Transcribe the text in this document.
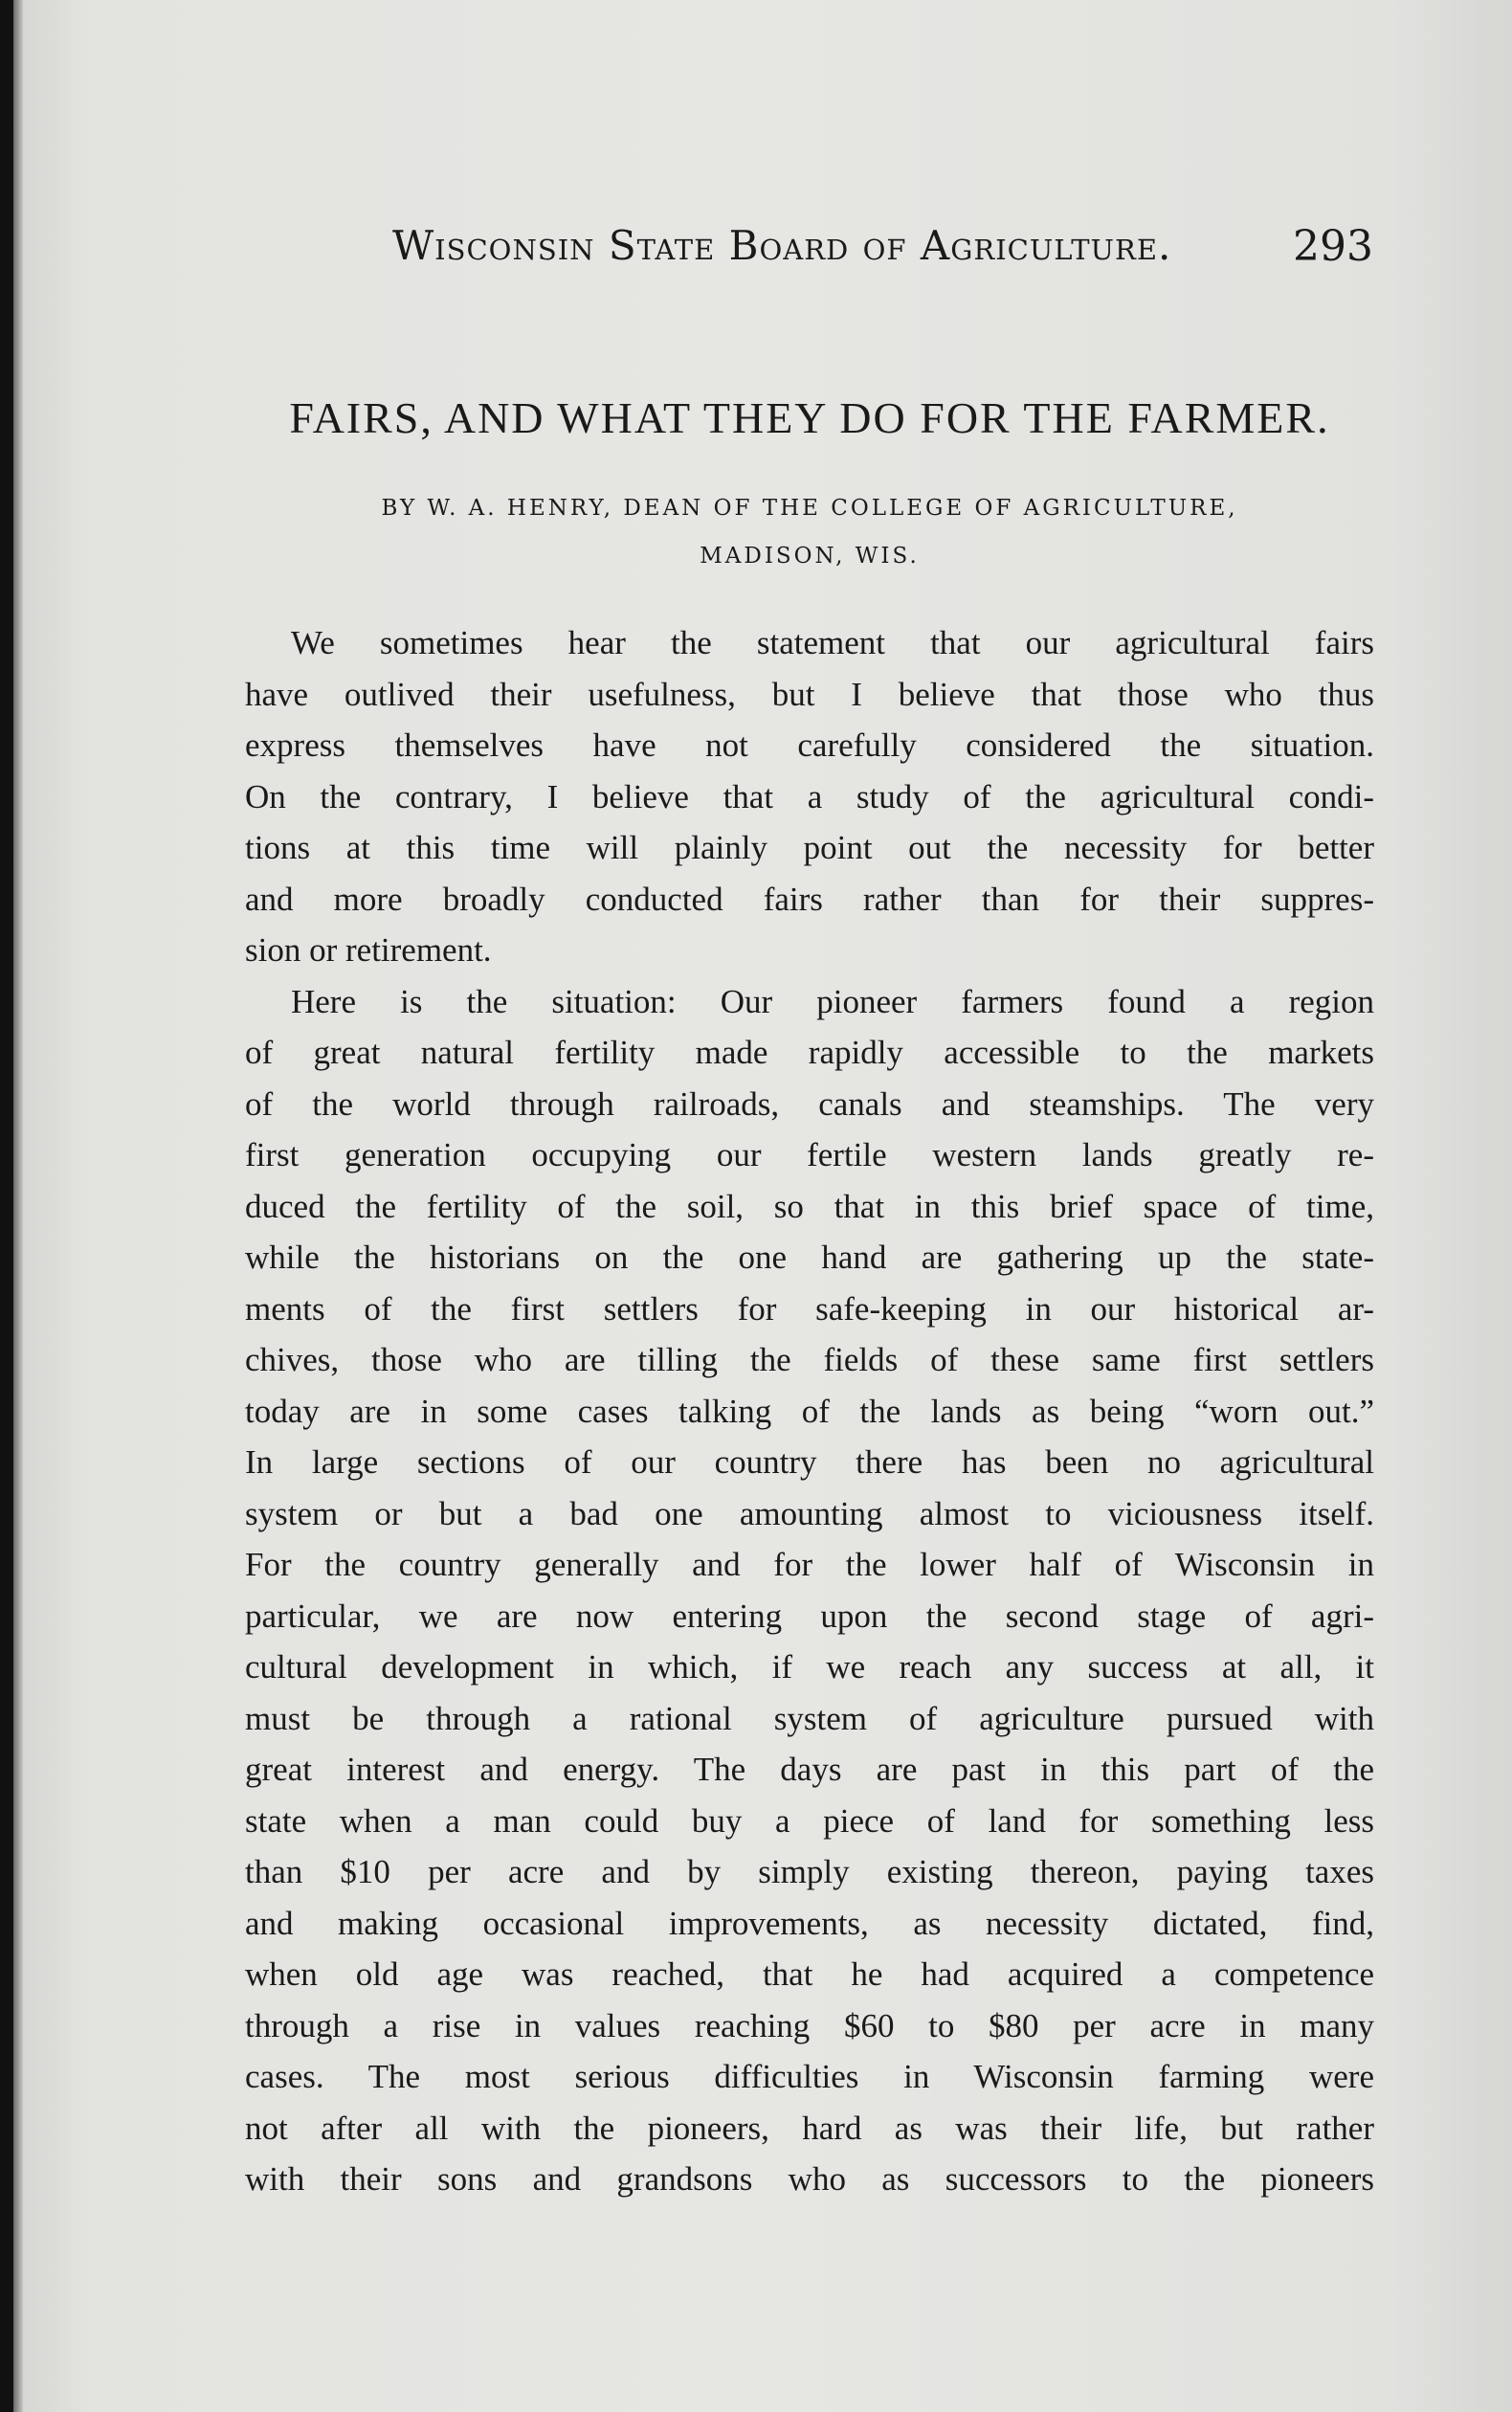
Wisconsin State Board of Agriculture.	293
FAIRS, AND WHAT THEY DO FOR THE FARMER.
BY W. A. HENRY, DEAN OF THE COLLEGE OF AGRICULTURE,
MADISON, WIS.
We sometimes hear the statement that our agricultural fairs
have outlived their usefulness, but I believe that those who thus
express themselves have not carefully considered the situation.
On the contrary, I believe that a study of the agricultural condi-
tions at this time will plainly point out the necessity for better
and more broadly conducted fairs rather than for their suppres-
sion or retirement.
Here is the situation: Our pioneer farmers found a region
of great natural fertility made rapidly accessible to the markets
of the world through railroads, canals and steamships. The very
first generation occupying our fertile western lands greatly re-
duced the fertility of the soil, so that in this brief space of time,
while the historians on the one hand are gathering up the state-
ments of the first settlers for safe-keeping in our historical ar-
chives, those who are tilling the fields of these same first settlers
today are in some cases talking of the lands as being “worn out.”
In large sections of our country there has been no agricultural
system or but a bad one amounting almost to viciousness itself.
For the country generally and for the lower half of Wisconsin in
particular, we are now entering upon the second stage of agri-
cultural development in which, if we reach any success at all, it
must be through a rational system of agriculture pursued with
great interest and energy. The days are past in this part of the
state when a man could buy a piece of land for something less
than $10 per acre and by simply existing thereon, paying taxes
and making occasional improvements, as necessity dictated, find,
when old age was reached, that he had acquired a competence
through a rise in values reaching $60 to $80 per acre in many
cases. The most serious difficulties in Wisconsin farming were
not after all with the pioneers, hard as was their life, but rather
with their sons and grandsons who as successors to the pioneers
